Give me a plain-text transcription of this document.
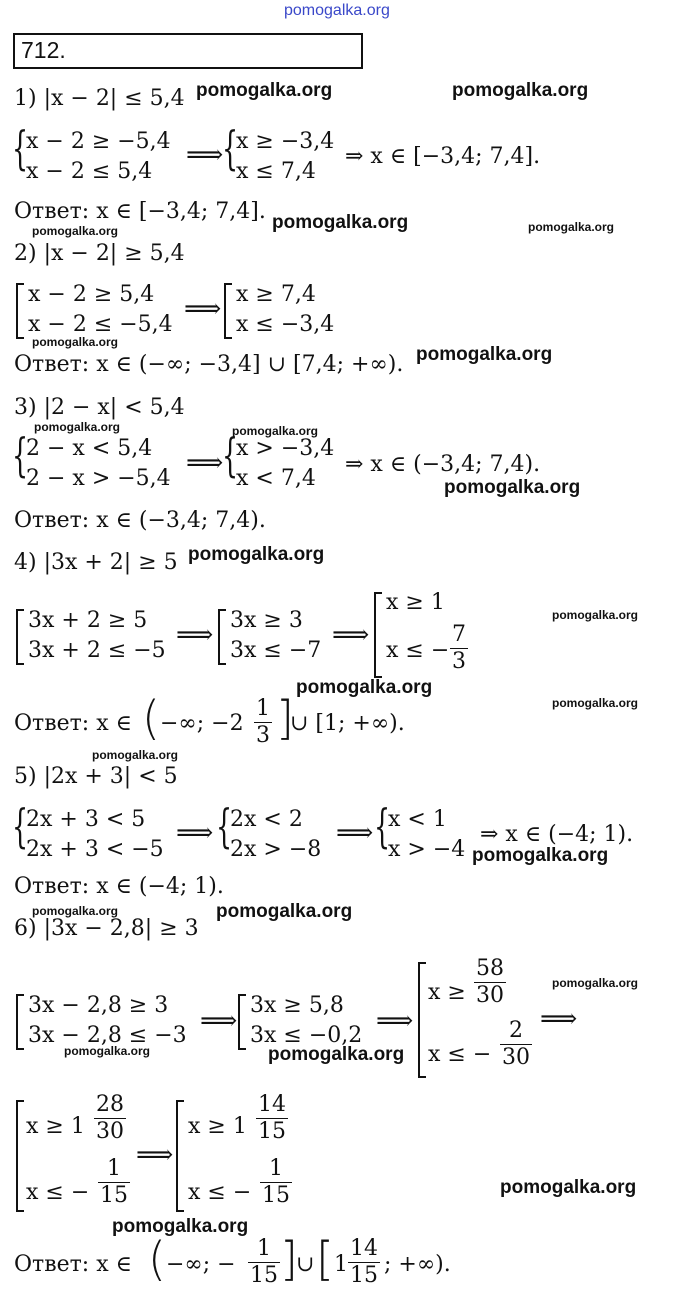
pomogalka.org
712.
1) |x − 2| ≤ 5,4
{
x − 2 ≥ −5,4
x − 2 ≤ 5,4
⟹
{
x ≥ −3,4
x ≤ 7,4
⇒ x ∈ [−3,4; 7,4].
Ответ: x ∈ [−3,4; 7,4].
2) |x − 2| ≥ 5,4
x − 2 ≥ 5,4
x − 2 ≤ −5,4
⟹ x ≥ 7,4
x ≤ −3,4
Ответ: x ∈ (−∞; −3,4] ∪ [7,4; +∞).
3) |2 − x| < 5,4
{
2 − x < 5,4
2 − x > −5,4
⟹
{
x > −3,4
x < 7,4
⇒ x ∈ (−3,4; 7,4).
Ответ: x ∈ (−3,4; 7,4).
4) |3x + 2| ≥ 5
3x + 2 ≥ 5
3x + 2 ≤ −5
⟹ 3x ≥ 3
3x ≤ −7
⟹
x ≥ 1
x ≤ − $\frac{7}{3}$
Ответ: x ∈ ( −∞; $-2 \frac{1}{3}$ ]
∪ [1; +∞).
5) |2x + 3| < 5
{
2x + 3 < 5
2x + 3 < −5
⟹ {
2x < 2
2x > −8
⟹ {
x < 1
x > −4
⇒ x ∈ (−4; 1).
Ответ: x ∈ (−4; 1).
6) |3x − 2,8| ≥ 3
3x − 2,8 ≥ 3
3x − 2,8 ≤ −3 ⟹
3x ≥ 5,8
3x ≤ −0,2 ⟹
$x \ge \frac{58}{30}$
x ≤ − $\frac{2}{30}$ ⟹
$x \ge 1 \frac{28}{30}$
x ≤ − $\frac{1}{15}$
⟹
$x \ge 1 \frac{14}{15}$
x ≤ − $\frac{1}{15}$
Ответ: x ∈ ( −∞; − $\frac{1}{15}$ ]
∪ [ $1 \frac{14}{15}$ ; +∞).
pomogalka.org	pomogalka.org
pomogalka.org	pomogalka.org
pomogalka.org
pomogalka.org
pomogalka.org
pomogalka.org	pomogalka.org
pomogalka.org
pomogalka.org
pomogalka.org
pomogalka.org
pomogalka.org
pomogalka.org
pomogalka.org
pomogalka.org	pomogalka.org
pomogalka.org
pomogalka.org	pomogalka.org
pomogalka.org
pomogalka.org
